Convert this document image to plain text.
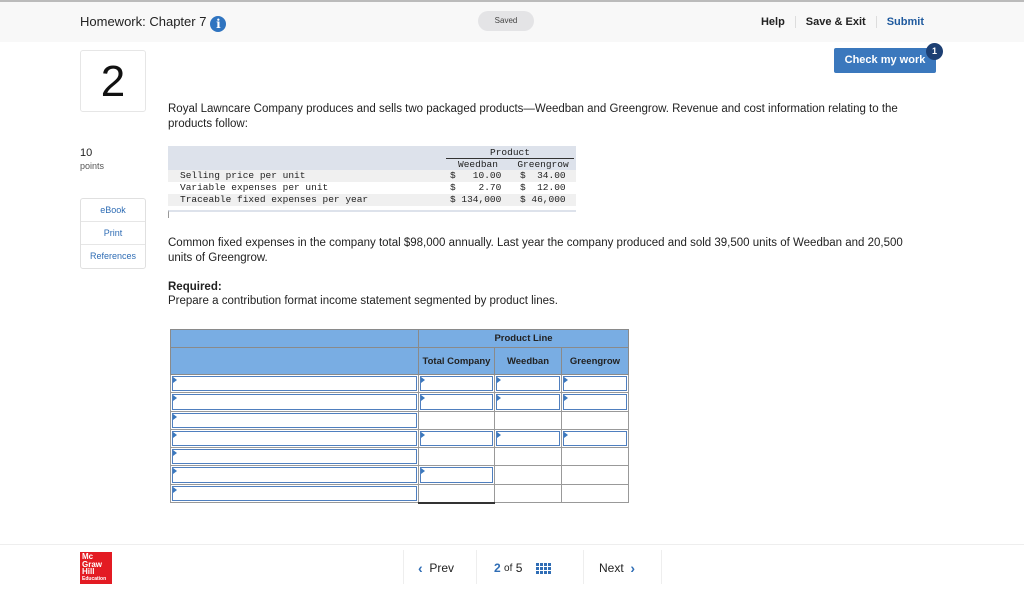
Homework: Chapter 7 i	Saved	Help	Save & Exit	Submit
Check my work
1
2
10
points
eBook
Print
References
Royal Lawncare Company produces and sells two packaged products—Weedban and Greengrow. Revenue and cost information relating to the products follow:
Product
Weedban	Greengrow
Selling price per unit	$   10.00 $  34.00
Variable expenses per unit	$    2.70 $  12.00
Traceable fixed expenses per year	$ 134,000 $ 46,000
Common fixed expenses in the company total $98,000 annually. Last year the company produced and sold 39,500 units of Weedban and 20,500 units of Greengrow.
Required:
Prepare a contribution format income statement segmented by product lines.
	Product Line		
	Total Company	Weedban	Greengrow

Mc
Graw
Hill
Education
‹
Prev	2
of
5	Next
›
